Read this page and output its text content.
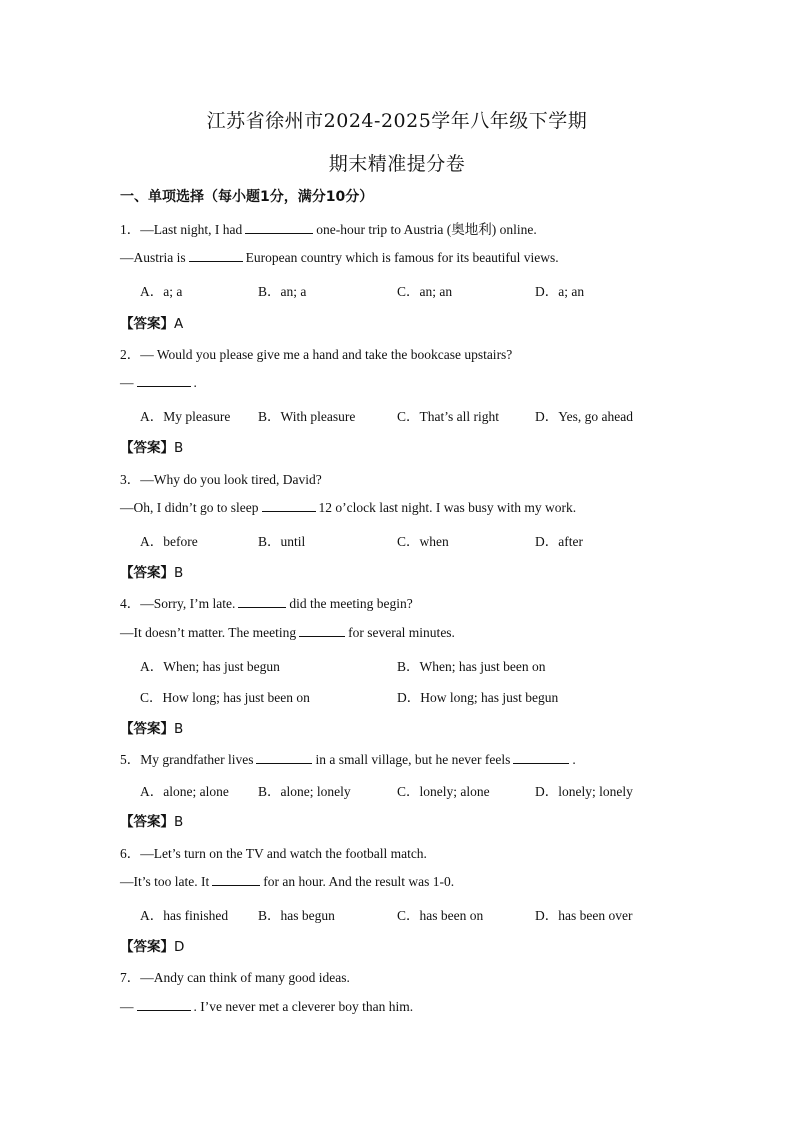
江苏省徐州市2024-2025学年八年级下学期
期末精准提分卷
一、单项选择（每小题1分，满分10分）
1．—Last night, I had	one-hour trip to Austria (奥地利) online.
—Austria is	European country which is famous for its beautiful views.
A．a; a	B．an; a	C．an; an	D．a; an
【答案】A
2．— Would you please give me a hand and take the bookcase upstairs?
—	.
A．My pleasure B．With pleasure	C．That’s all right	D．Yes, go ahead
【答案】B
3．—Why do you look tired, David?
—Oh, I didn’t go to sleep	12 o’clock last night. I was busy with my work.
A．before	B．until	C．when	D．after
【答案】B
4．—Sorry, I’m late.	did the meeting begin?
—It doesn’t matter. The meeting	for several minutes.
A．When; has just begun	B．When; has just been on
C．How long; has just been on	D．How long; has just begun
【答案】B
5．My grandfather lives	in a small village, but he never feels	.
A．alone; alone B．alone; lonely	C．lonely; alone	D．lonely; lonely
【答案】B
6．—Let’s turn on the TV and watch the football match.
—It’s too late. It	for an hour. And the result was 1-0.
A．has finished B．has begun	C．has been on	D．has been over
【答案】D
7．—Andy can think of many good ideas.
—	. I’ve never met a cleverer boy than him.
